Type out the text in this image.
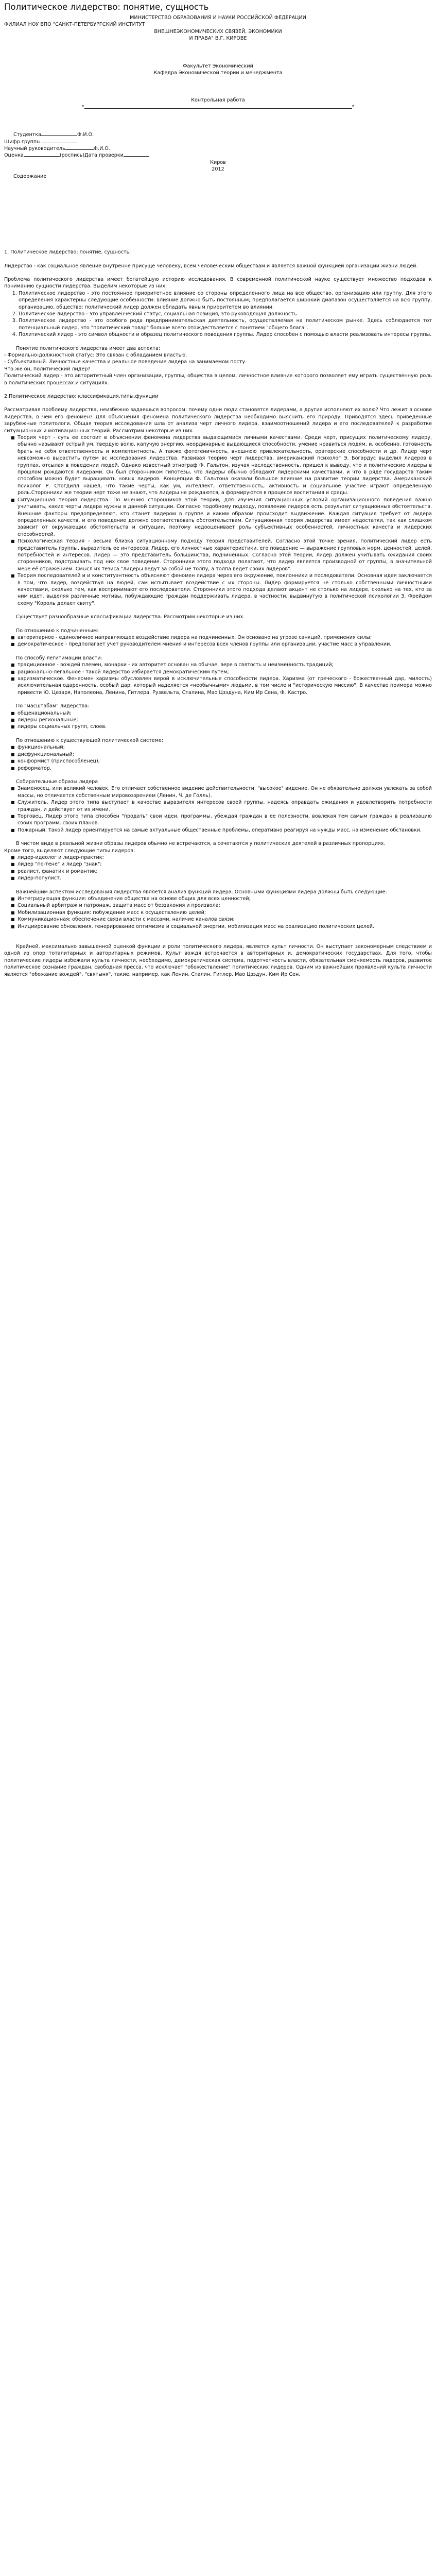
Политическое лидерство: понятие, сущность

МИНИСТЕРСТВО ОБРАЗОВАНИЯ И НАУКИ РОССИЙСКОЙ ФЕДЕРАЦИИ

ФИЛИАЛ НОУ ВПО "САНКТ-ПЕТЕРБУРГСКИЙ ИНСТИТУТ

ВНЕШНЕЭКОНОМИЧЕСКИХ СВЯЗЕЙ, ЭКОНОМИКИ

И ПРАВА" В.Г. КИРОВЕ

Факультет Экономический

Кафедра Экономической теории и менеджмента

Контрольная работа

"	"

Студентка	Ф.И.О.

Шифр группы

Научный руководитель	Ф.И.О.

Оценка	(роспись)Дата проверки

Киров

2012

Содержание

1. Политическое лидерство: понятие, сущность.

Лидерство - как социальное явление внутренне присуще человеку, всем человеческим обществам и является важной функцией организации жизни людей.

Проблема политического лидерства имеет богатейшую историю исследования. В современной политической науке существует множество подходов к пониманию сущности лидерства. Выделим некоторые из них:

1. Политическое лидерство - это постоянное приоритетное влияние со стороны определенного лица на все общество, организацию или группу. Для этого определения характерны следующие особенности: влияние должно быть постоянным; предполагается широкий диапазон осуществляется на всю группу, организацию, общество; политический лидер должен обладать явным приоритетом во влиянии.
2. Политическое лидерство - это управленческий статус, социальная позиция, это руководящая должность.
3. Политическое лидерство - это особого рода предпринимательская деятельность, осуществляемая на политическом рынке. Здесь соблюдается тот потенциальный лидер, что "политический товар" больше всего отождествляется с понятием "общего блага".
4. Политический лидер - это символ общности и образец политического поведения группы. Лидер способен с помощью власти реализовать интересы группы.

Понятие политического лидерства имеет два аспекта:

- Формально-должностной статус: Это связан с обладанием властью.

- Субъективный. Личностные качества и реальное поведение лидера на занимаемом посту.

Что же он, политический лидер?

Политический лидер - это авторитетный член организации, группы, общества в целом, личностное влияние которого позволяет ему играть существенную роль в политических процессах и ситуациях.

2.Политическое лидерство: классификация,типы,функции

Рассматривая проблему лидерства, неизбежно задаешься вопросом: почему одни люди становятся лидерами, а другие исполняют их волю? Что лежит в основе лидерства, в чем его феномен? Для объяснения феномена политического лидерства необходимо выяснить его природу. Приводятся здесь приведенные зарубежные политологи. Общая теория исследования шла от анализа черт личного лидера, взаимоотношений лидера и его последователей к разработке ситуационных и мотивационных теорий. Рассмотрим некоторые из них.

■ Теория черт - суть ее состоит в объяснении феномена лидерства выдающимися личными качествами. Среди черт, присущих политическому лидеру, обычно называют острый ум, твердую волю, капучую энергию, неординарные выдающиеся способности, умение нравиться людям, и, особенно, готовность брать на себя ответственность и компетентность. А также фотогеничность, внешнюю привлекательность, ораторские способности и др. Лидер черт невозможно вырастить путем вс исследования лидерства. Развивая теорию черт лидерства, американский психолог Э. Богардус выделил лидеров в группах, отсылая в поведении людей. Однако известный этнограф Ф. Гальтон, изучая наследственность, пришел к выводу, что и политические лидеры в прошлом рождаются лидерами. Он был сторонником гипотезы, что лидеры обычно обладают лидерскими качествами, и что в ряде государств таким способом можно будет выращивать новых лидеров. Концепции Ф. Гальтона оказали большое влияние на развитие теории лидерства. Американский психолог Р. Стогдилл нашел, что такие черты, как ум, интеллект, ответственность, активность и социальное участие играют определенную роль.Сторонники же теории черт тоже не знают, что лидеры не рождаются, а формируются в процессе воспитания и среды.
■ Ситуационная теория лидерства. По мнению сторонников этой теории, для изучения ситуационных условий организационного поведения важно учитывать, какие черты лидера нужны в данной ситуации. Согласно подобному подходу, появление лидеров есть результат ситуационных обстоятельств. Внешние факторы предопределяют, кто станет лидером в группе и каким образом происходит выдвижение. Каждая ситуация требует от лидера определенных качеств, и его поведение должно соответствовать обстоятельствам. Ситуационная теория лидерства имеет недостатки, так как слишком зависит от окружающих обстоятельств и ситуации, поэтому недооценивает роль субъективных особенностей, личностных качеств и лидерских способностей.
■ Психологическая теория - весьма близка ситуационному подходу теория представителей. Согласно этой точке зрения, политический лидер есть представитель группы, выразитель ее интересов. Лидер, его личностные характеристики, его поведение — выражение групповых норм, ценностей, целей, потребностей и интересов. Лидер — это представитель большинства, подчиненных. Согласно этой теории, лидер должен учитывать ожидания своих сторонников, подстраивать под них свое поведение. Сторонники этого подхода полагают, что лидер является производной от группы, в значительной мере её отражением. Смысл их тезиса "лидеры ведут за собой не толпу, а толпа ведет своих лидеров".
■ Теория последователей и и конституэнтность объясняют феномен лидера через его окружение, поклонники и последователи. Основная идея заключается в том, что лидер, воздействуя на людей, сам испытывает воздействие с их стороны. Лидер формируется не столько собственными личностными качествами, сколько тем, как воспринимают его последователи. Сторонники этого подхода делают акцент не столько на лидере, сколько на тех, кто за ним идет, выделяя различные мотивы, побуждающие граждан поддерживать лидера, в частности, выдвинутую в политической психологии З. Фрейдом схему "Король делает свиту".

Существует разнообразные классификации лидерства. Рассмотрим некоторые из них.

По отношению к подчиненным:

■ авторитарное - единоличное направляющее воздействие лидера на подчиненных. Он основано на угрозе санкций, применения силы;
■ демократическое - предполагает учет руководителем мнения и интересов всех членов группы или организации, участие масс в управлении.

По способу легитимации власти:

■ традиционное - вождей племен, монархи - их авторитет основан на обычае, вере в святость и неизменность традиций;
■ рационально-легальное - такой лидерство избирается демократическим путем;
■ харизматическое. Фенеомен харизмы обусловлен верой в исключительные способности лидера. Харизма (от греческого - божественный дар, милость) исключительная одаренность, особый дар, который наделяется «необычными» людьми, в том числе и "историческую миссию". В качестве примера можно привести Ю. Цезаря, Наполеона, Ленина, Гитлера, Рузвельта, Сталина, Мао Цзэдуна, Ким Ир Сена, Ф. Кастро.

По "масштабам" лидерства:

■ общенациональный;
■ лидеры региональные;
■ лидеры социальных групп, слоев.

По отношению к существующей политической системе:

■ функциональный;
■ дисфункциональный;
■ конформист (приспособленец);
■ реформатор.

Собирательные образы лидера

■ Знаменосец, или великий человек. Его отличает собственное видение действительности, "высокое" видение. Он не обязательно должен увлекать за собой массы, но отличается собственным мировоззрением (Ленин, Ч. де Голль).
■ Служитель. Лидер этого типа выступает в качестве выразителя интересов своей группы, надеясь оправдать ожидания и удовлетворить потребности граждан, и действует от их имени.
■ Торговец. Лидер этого типа способен "продать" свои идеи, программы, убеждая граждан в ее полезности, вовлекая тем самым граждан в реализацию своих программ, своих планов.
■ Пожарный. Такой лидер ориентируется на самые актуальные общественные проблемы, оперативно реагируя на нужды масс, на изменение обстановки.

В чистом виде в реальной жизни образы лидеров обычно не встречаются, а сочетаются у политических деятелей в различных пропорциях.

Кроме того, выделяют следующие типы лидеров:

■ лидер-идеолог и лидер-практик;
■ лидер "по-тене" и лидер "знак";
■ реалист, фанатик и романтик;
■ лидер-популист.

Важнейшим аспектом исследования лидерства является анализ функций лидера. Основными функциями лидера должны быть следующие:

■ Интегрирующая функция: объединение общества на основе общих для всех ценностей;
■ Социальный арбитраж и патронаж, защита масс от беззакония и произвола;
■ Мобилизационная функция: побуждение масс к осуществлению целей;
■ Коммуникационная: обеспечение связи власти с массами, наличие каналов связи;
■ Инициирование обновления, генерирование оптимизма и социальной энергии, мобилизация масс на реализацию политических целей.

Крайней, максимально завышенной оценкой функции и роли политического лидера, является культ личности. Он выступает закономерным следствием и одной из опор тоталитарных и авторитарных режимов. Культ вождя встречается в авторитарных и, демократических государствах. Для того, чтобы политические лидеры избежали культа личности, необходимо, демократическая система, подотчетность власти, обязательная сменяемость лидеров, развитое политическое сознание граждан, свободная пресса, что исключает "обожествление" политических лидеров. Одним из важнейших проявлений культа личности является "обожание вождей", "святыня", такие, например, как Ленин, Сталин, Гитлер, Мао Цзэдун, Ким Ир Сен.
